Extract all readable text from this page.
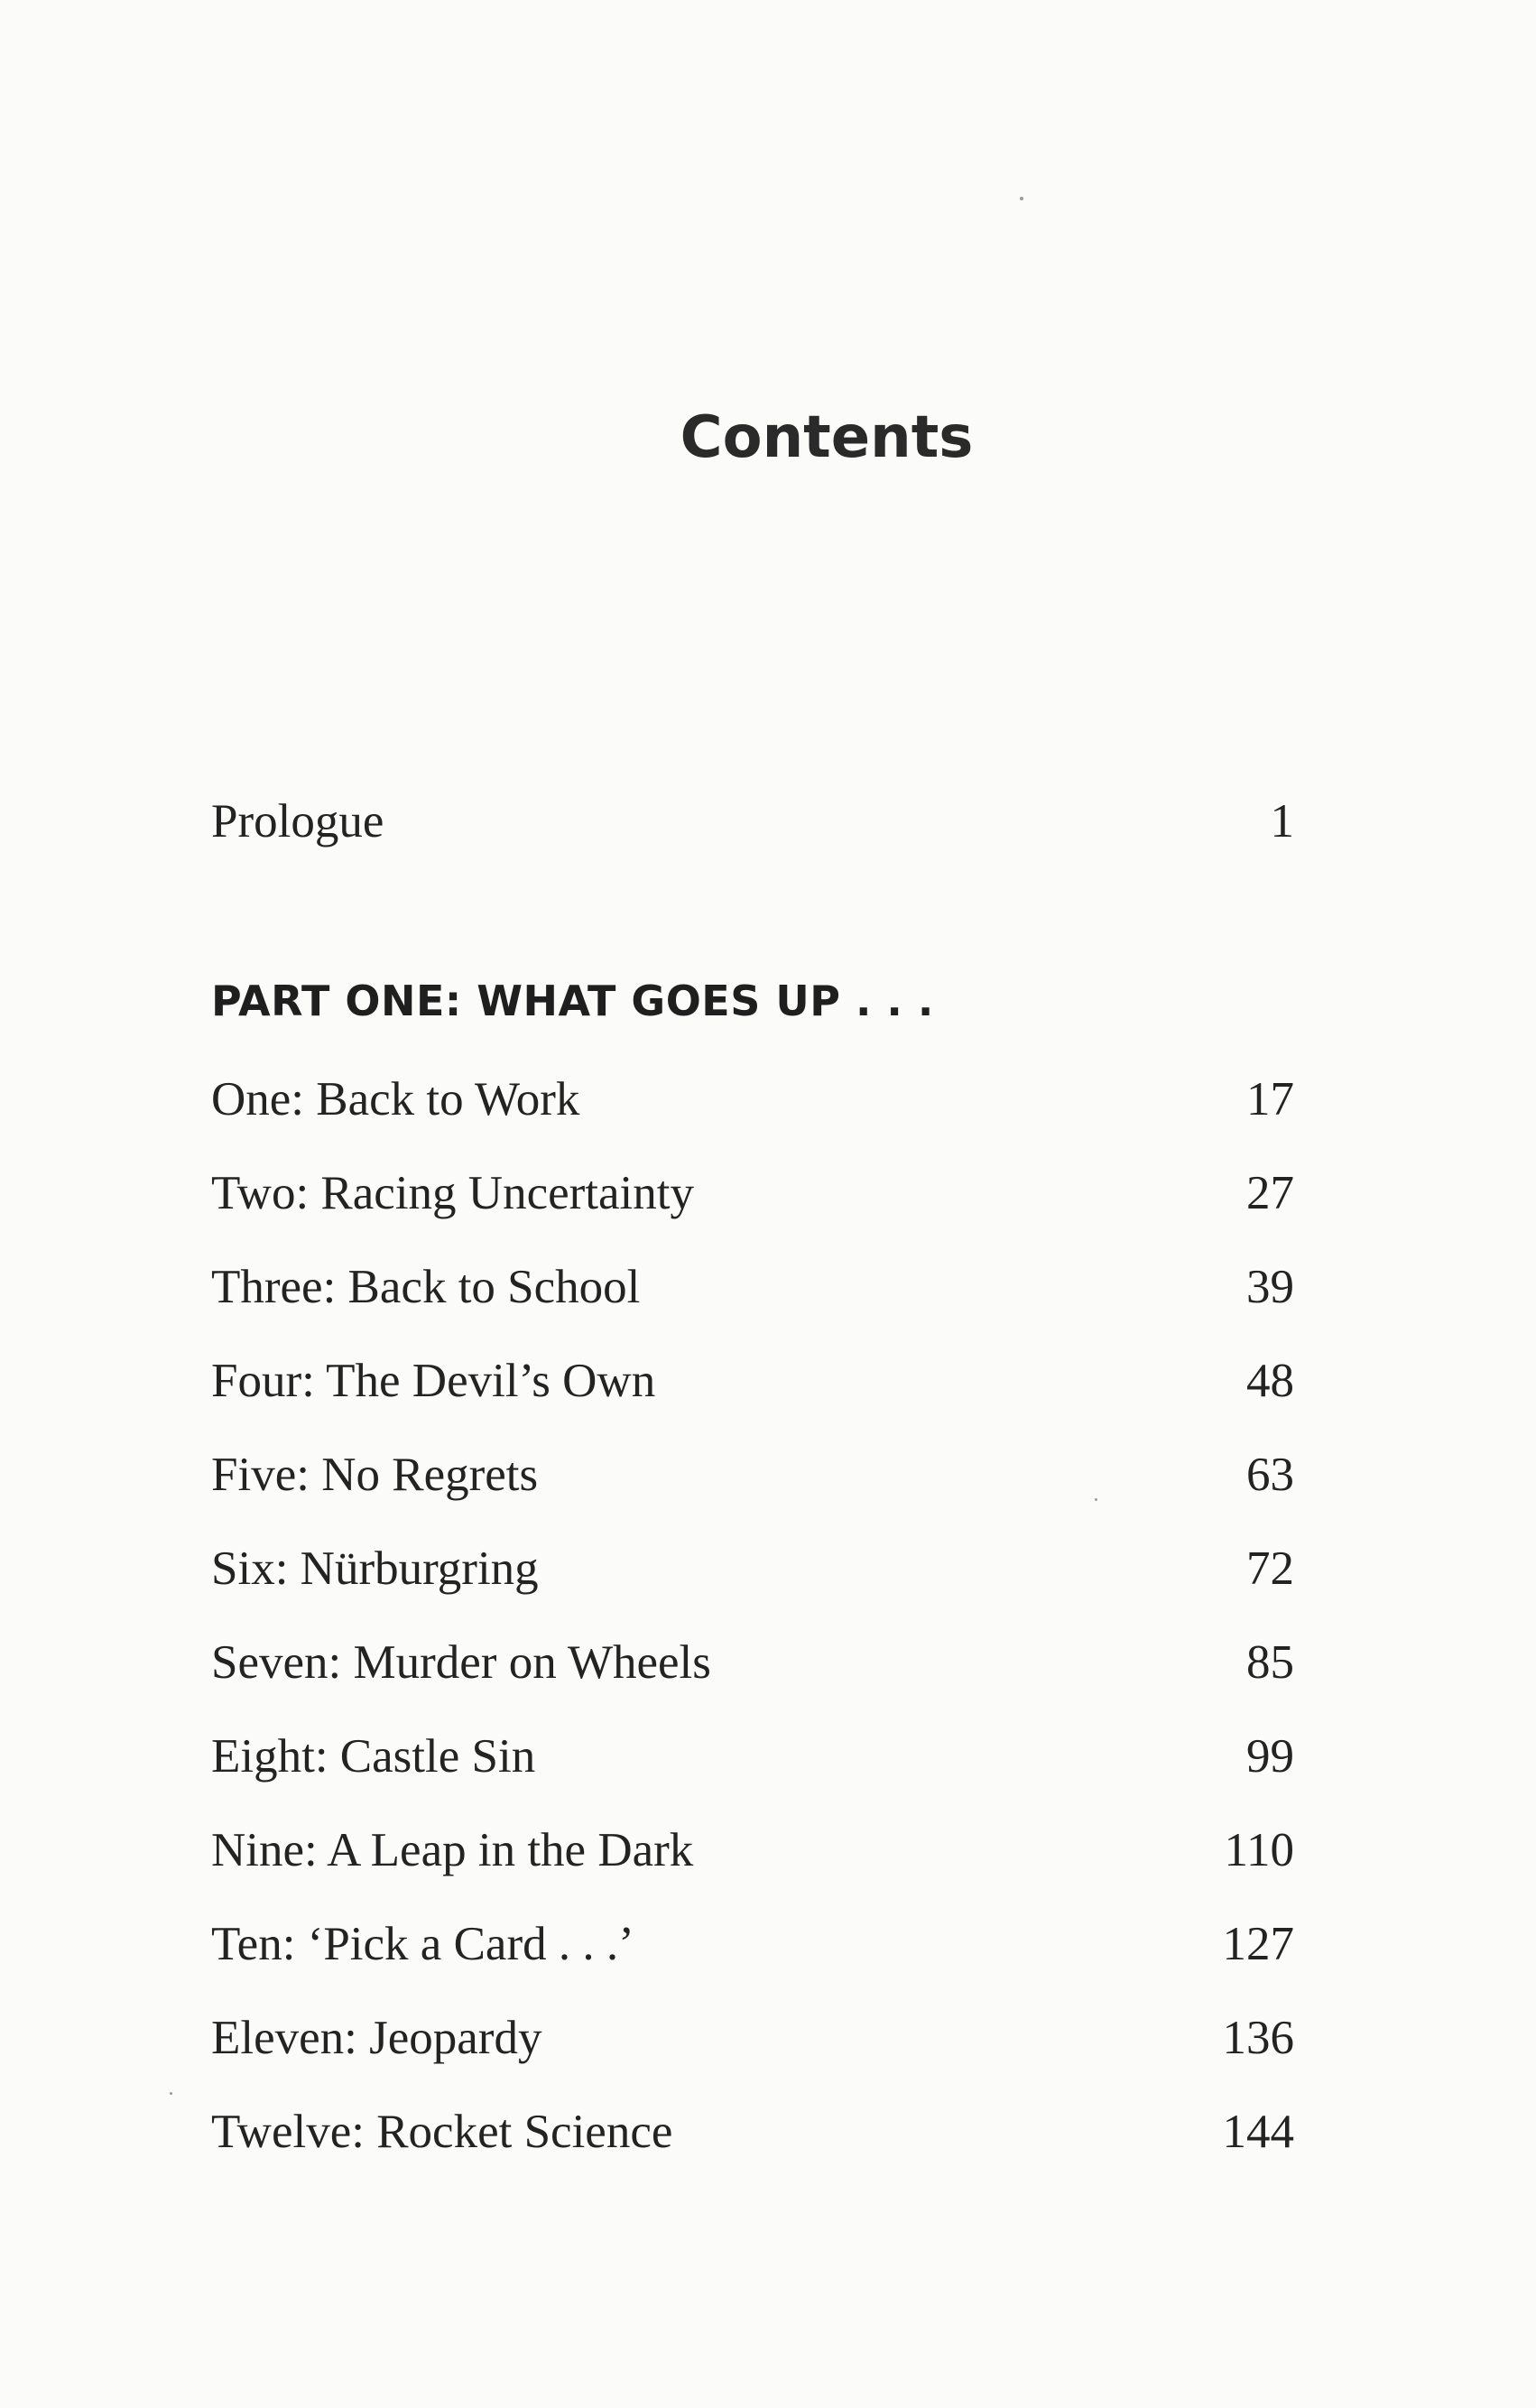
Contents
Prologue	1
PART ONE: WHAT GOES UP . . .
One: Back to Work	17
Two: Racing Uncertainty	27
Three: Back to School	39
Four: The Devil’s Own	48
Five: No Regrets	63
Six: Nürburgring	72
Seven: Murder on Wheels	85
Eight: Castle Sin	99
Nine: A Leap in the Dark	110
Ten: ‘Pick a Card . . .’	127
Eleven: Jeopardy	136
Twelve: Rocket Science	144
